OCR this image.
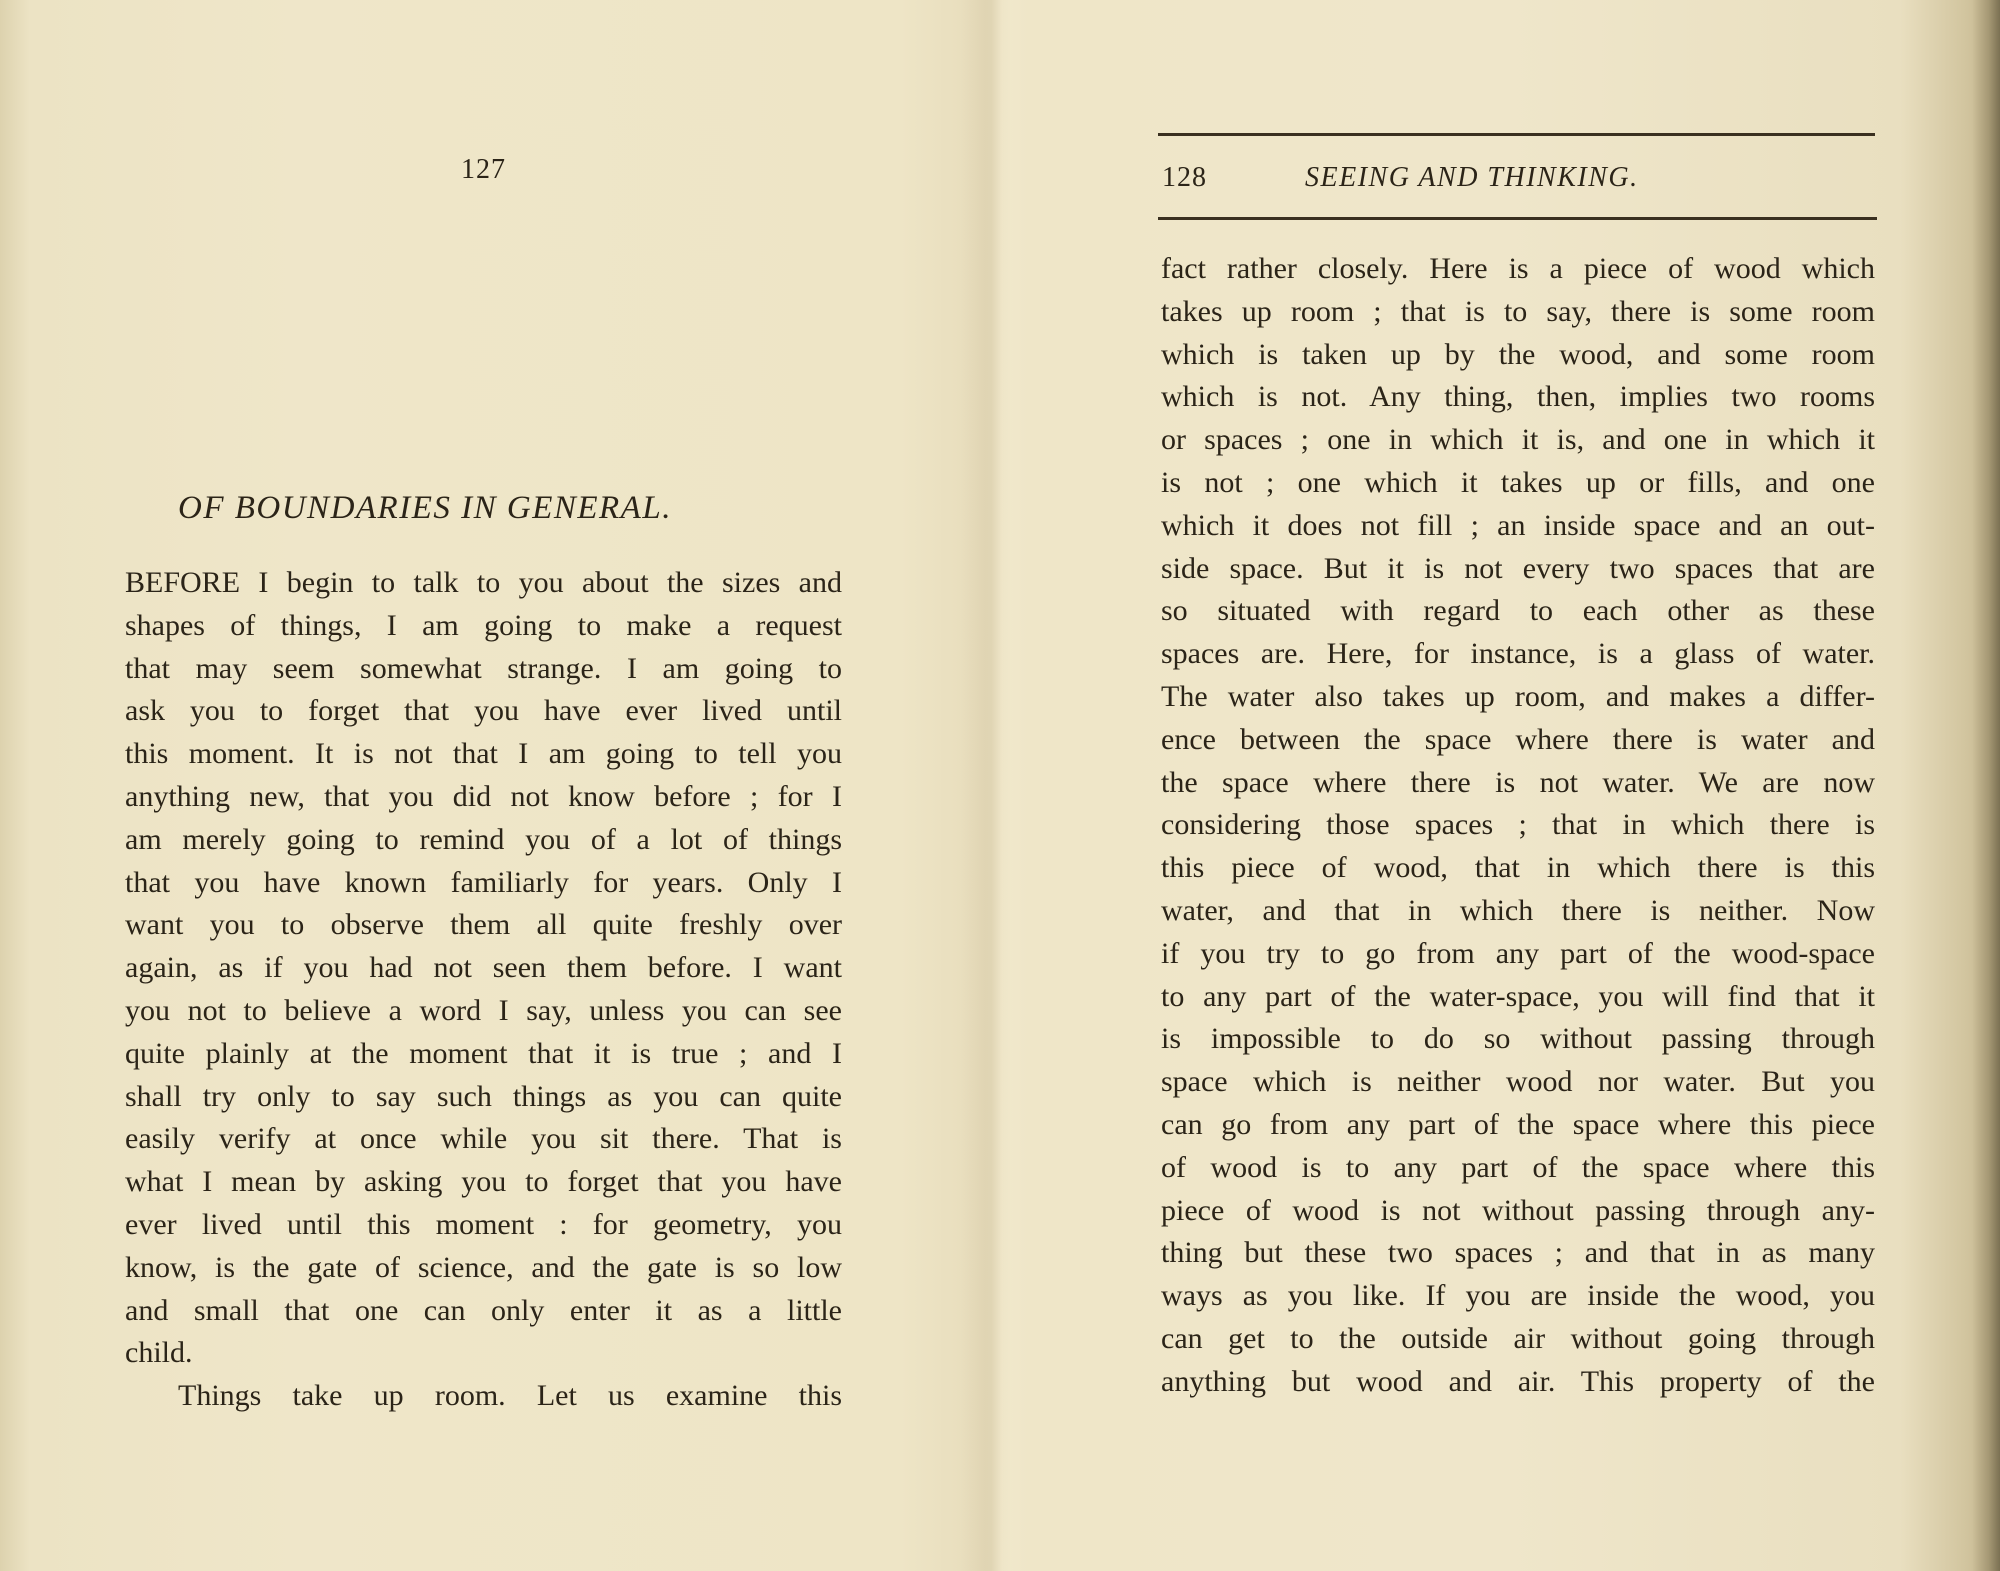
127
OF BOUNDARIES IN GENERAL.
BEFORE I begin to talk to you about the sizes and
shapes of things, I am going to make a request
that may seem somewhat strange. I am going to
ask you to forget that you have ever lived until
this moment. It is not that I am going to tell you
anything new, that you did not know before ; for I
am merely going to remind you of a lot of things
that you have known familiarly for years. Only I
want you to observe them all quite freshly over
again, as if you had not seen them before. I want
you not to believe a word I say, unless you can see
quite plainly at the moment that it is true ; and I
shall try only to say such things as you can quite
easily verify at once while you sit there. That is
what I mean by asking you to forget that you have
ever lived until this moment : for geometry, you
know, is the gate of science, and the gate is so low
and small that one can only enter it as a little
child.
Things take up room. Let us examine this
128	SEEING AND THINKING.
fact rather closely. Here is a piece of wood which
takes up room ; that is to say, there is some room
which is taken up by the wood, and some room
which is not. Any thing, then, implies two rooms
or spaces ; one in which it is, and one in which it
is not ; one which it takes up or fills, and one
which it does not fill ; an inside space and an out-
side space. But it is not every two spaces that are
so situated with regard to each other as these
spaces are. Here, for instance, is a glass of water.
The water also takes up room, and makes a differ-
ence between the space where there is water and
the space where there is not water. We are now
considering those spaces ; that in which there is
this piece of wood, that in which there is this
water, and that in which there is neither. Now
if you try to go from any part of the wood-space
to any part of the water-space, you will find that it
is impossible to do so without passing through
space which is neither wood nor water. But you
can go from any part of the space where this piece
of wood is to any part of the space where this
piece of wood is not without passing through any-
thing but these two spaces ; and that in as many
ways as you like. If you are inside the wood, you
can get to the outside air without going through
anything but wood and air. This property of the
